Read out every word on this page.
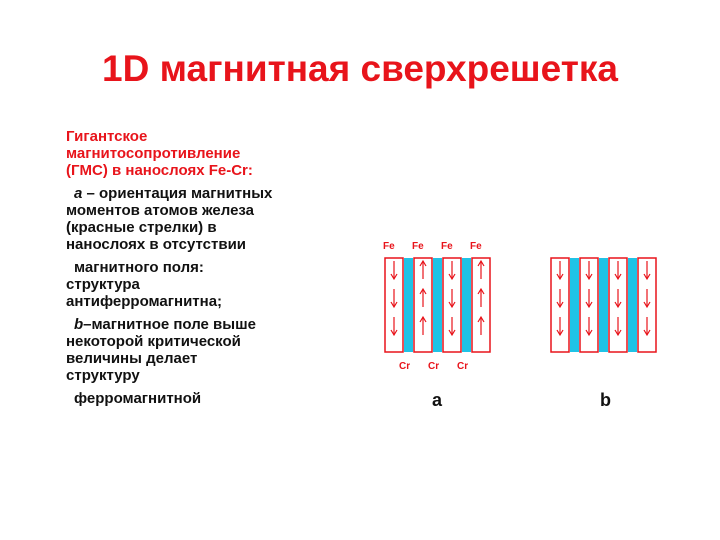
1D магнитная сверхрешетка

Гигантское

магнитосопротивление

(ГМС) в нанослоях Fe-Cr:

a – ориентация магнитных

моментов атомов железа

(красные стрелки) в

нанослоях в отсутствии

магнитного поля:

структура

антиферромагнитна;

b–магнитное поле выше

некоторой критической

величины делает

структуру

ферромагнитной

Fe
Cr
Fe
Cr
Fe
Cr
Fe
a	b
